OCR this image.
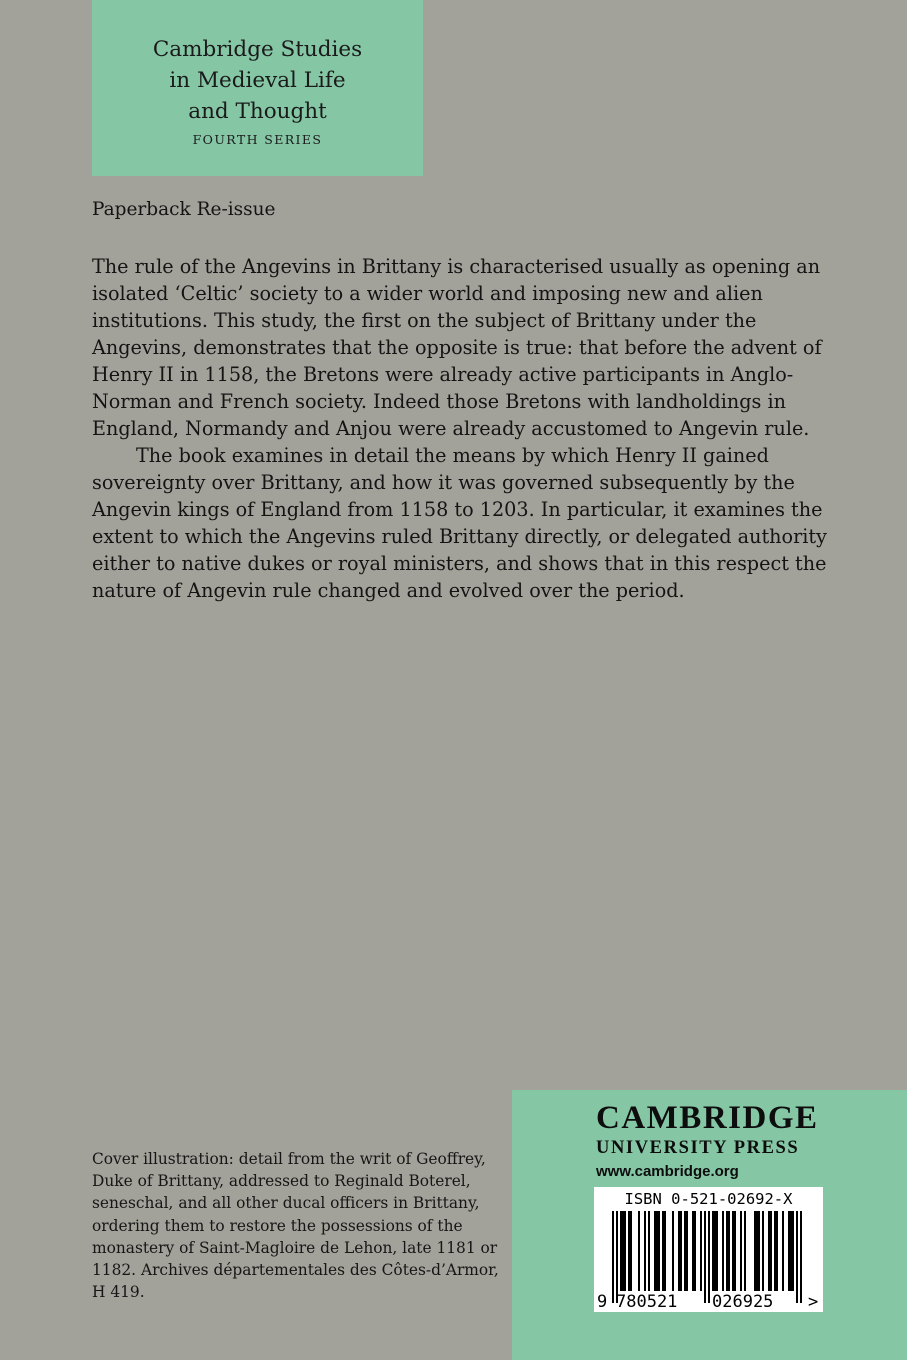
Cambridge Studies
in Medieval Life
and Thought
FOURTH SERIES
Paperback Re-issue

The rule of the Angevins in Brittany is characterised usually as opening an isolated ‘Celtic’ society to a wider world and imposing new and alien institutions. This study, the first on the subject of Brittany under the Angevins, demonstrates that the opposite is true: that before the advent of Henry II in 1158, the Bretons were already active participants in Anglo-Norman and French society. Indeed those Bretons with landholdings in England, Normandy and Anjou were already accustomed to Angevin rule.

The book examines in detail the means by which Henry II gained sovereignty over Brittany, and how it was governed subsequently by the Angevin kings of England from 1158 to 1203. In particular, it examines the extent to which the Angevins ruled Brittany directly, or delegated authority either to native dukes or royal ministers, and shows that in this respect the nature of Angevin rule changed and evolved over the period.

Cover illustration: detail from the writ of Geoffrey, Duke of Brittany, addressed to Reginald Boterel, seneschal, and all other ducal officers in Brittany, ordering them to restore the possessions of the monastery of Saint-Magloire de Lehon, late 1181 or 1182. Archives départementales des Côtes-d’Armor, H 419.
CAMBRIDGE
UNIVERSITY PRESS
www.cambridge.org
ISBN 0-521-02692-X
9 780521 026925 >
